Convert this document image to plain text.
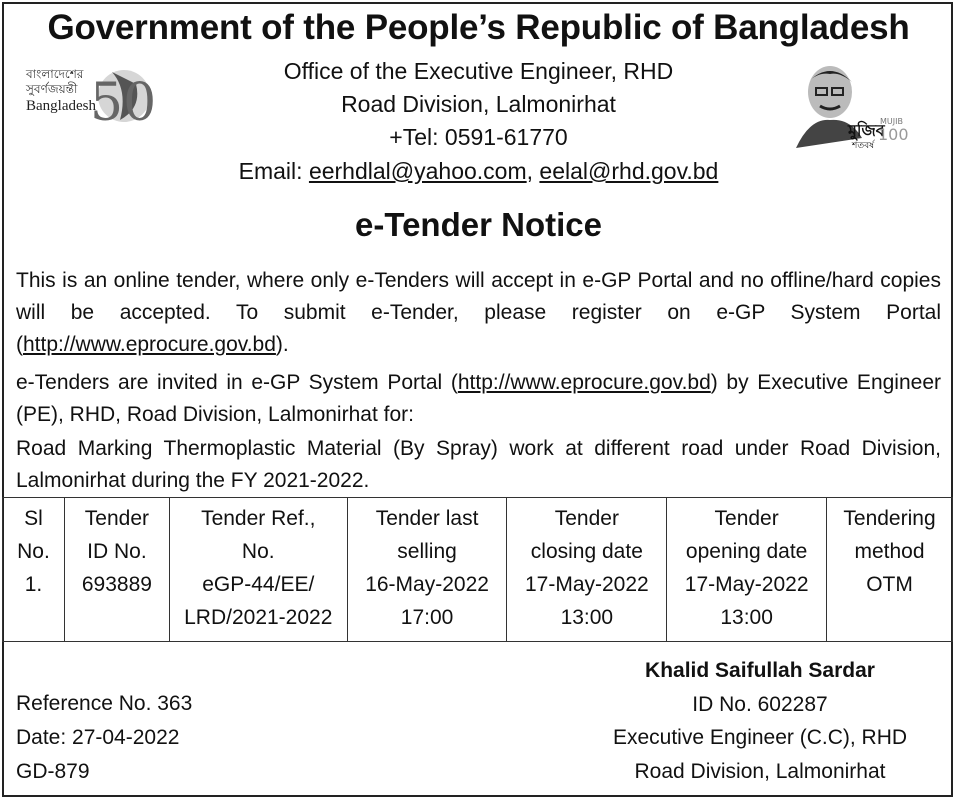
Government of the People’s Republic of Bangladesh
Office of the Executive Engineer, RHD
Road Division, Lalmonirhat
+Tel: 0591-61770
Email: eerhdlal@yahoo.com, eelal@rhd.gov.bd
50
বাংলাদেশের
সুবর্ণজয়ন্তী
Bangladesh
মুজিব
শতবর্ষ
MUJIB
100
e-Tender Notice
This is an online tender, where only e-Tenders will accept in e-GP Portal and no offline/hard copies will be accepted. To submit e-Tender, please register on e-GP System Portal (http://www.eprocure.gov.bd).
e-Tenders are invited in e-GP System Portal (http://www.eprocure.gov.bd) by Executive Engineer (PE), RHD, Road Division, Lalmonirhat for:
Road Marking Thermoplastic Material (By Spray) work at different road under Road Division, Lalmonirhat during the FY 2021-2022.
Sl
No.
1.

Tender
ID No.
693889

Tender Ref.,
No.
eGP-44/EE/
LRD/2021-2022

Tender last
selling
16-May-2022
17:00

Tender
closing date
17-May-2022
13:00

Tender
opening date
17-May-2022
13:00

Tendering
method
OTM
Reference No. 363
Date: 27-04-2022
GD-879
Khalid Saifullah Sardar
ID No. 602287
Executive Engineer (C.C), RHD
Road Division, Lalmonirhat
